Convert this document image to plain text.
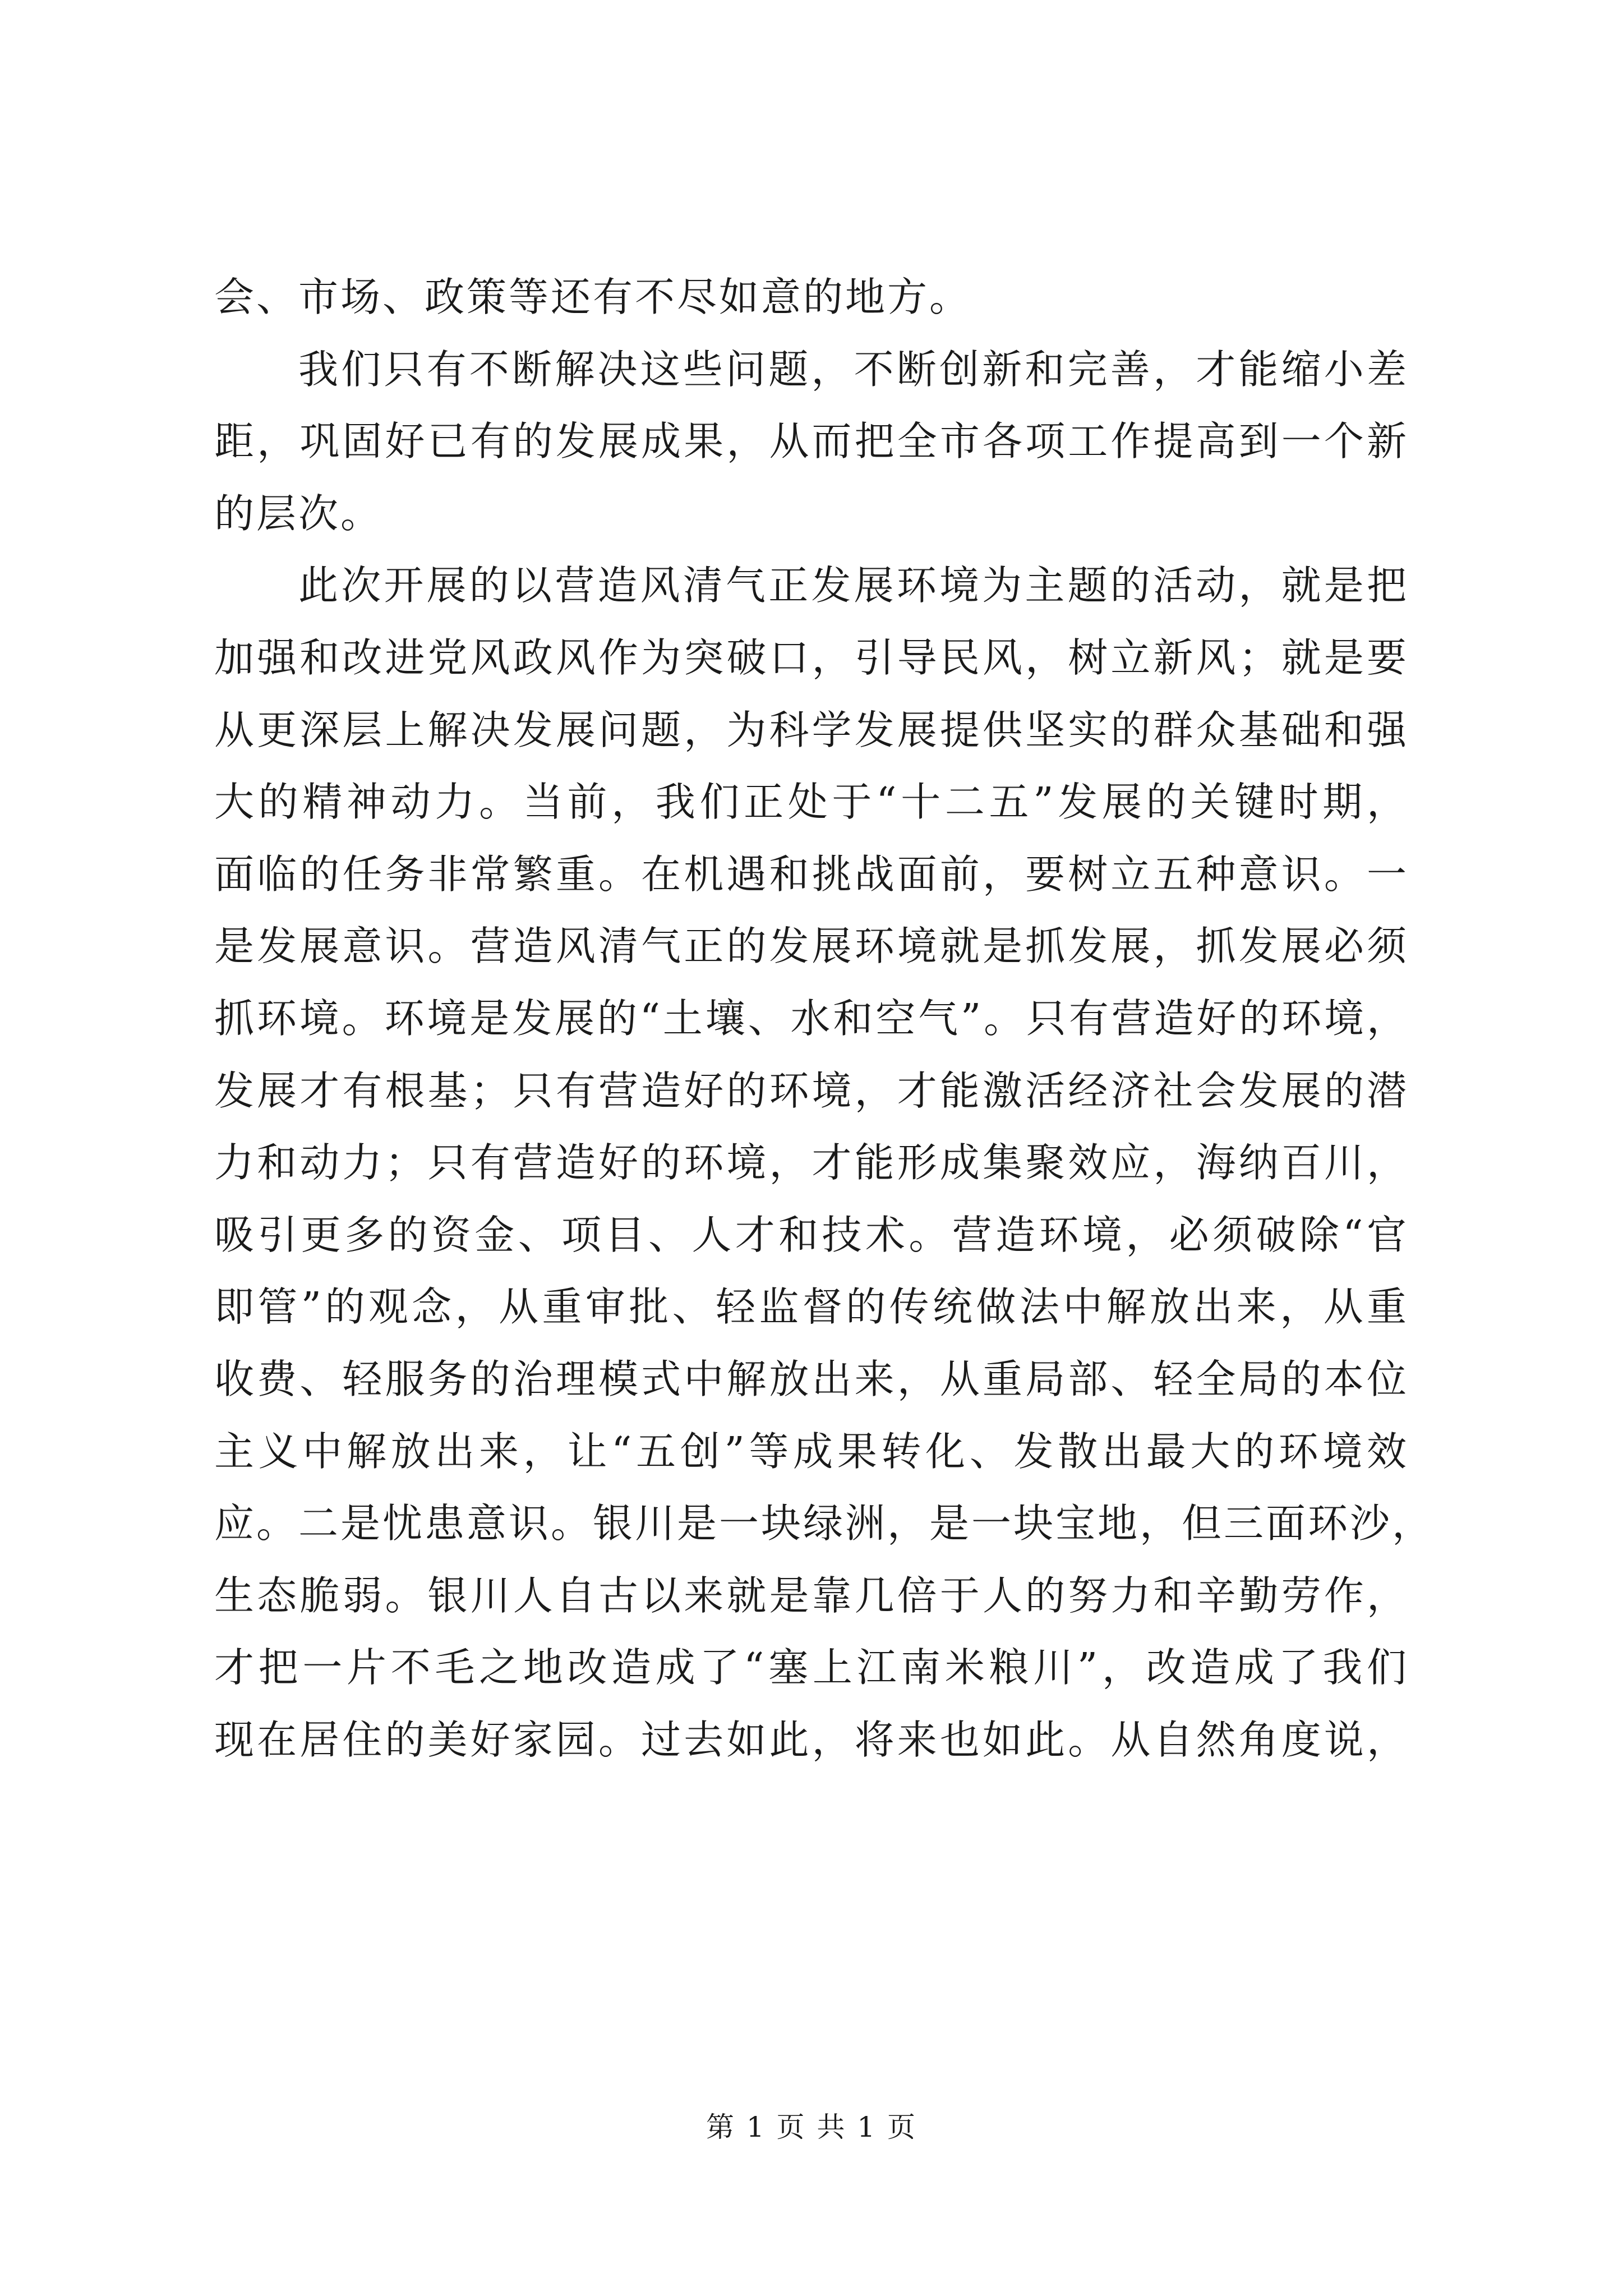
会、市场、政策等还有不尽如意的地方。
我们只有不断解决这些问题，不断创新和完善，才能缩小差
距，巩固好已有的发展成果，从而把全市各项工作提高到一个新
的层次。
此次开展的以营造风清气正发展环境为主题的活动，就是把
加强和改进党风政风作为突破口，引导民风，树立新风；就是要
从更深层上解决发展问题，为科学发展提供坚实的群众基础和强
大的精神动力。当前，我们正处于“十二五”发展的关键时期，
面临的任务非常繁重。在机遇和挑战面前，要树立五种意识。一
是发展意识。营造风清气正的发展环境就是抓发展，抓发展必须
抓环境。环境是发展的“土壤、水和空气”。只有营造好的环境，
发展才有根基；只有营造好的环境，才能激活经济社会发展的潜
力和动力；只有营造好的环境，才能形成集聚效应，海纳百川，
吸引更多的资金、项目、人才和技术。营造环境，必须破除“官
即管”的观念，从重审批、轻监督的传统做法中解放出来，从重
收费、轻服务的治理模式中解放出来，从重局部、轻全局的本位
主义中解放出来，让“五创”等成果转化、发散出最大的环境效
应。二是忧患意识。银川是一块绿洲，是一块宝地，但三面环沙，
生态脆弱。银川人自古以来就是靠几倍于人的努力和辛勤劳作，
才把一片不毛之地改造成了“塞上江南米粮川”，改造成了我们
现在居住的美好家园。过去如此，将来也如此。从自然角度说，
第 1 页 共 1 页
